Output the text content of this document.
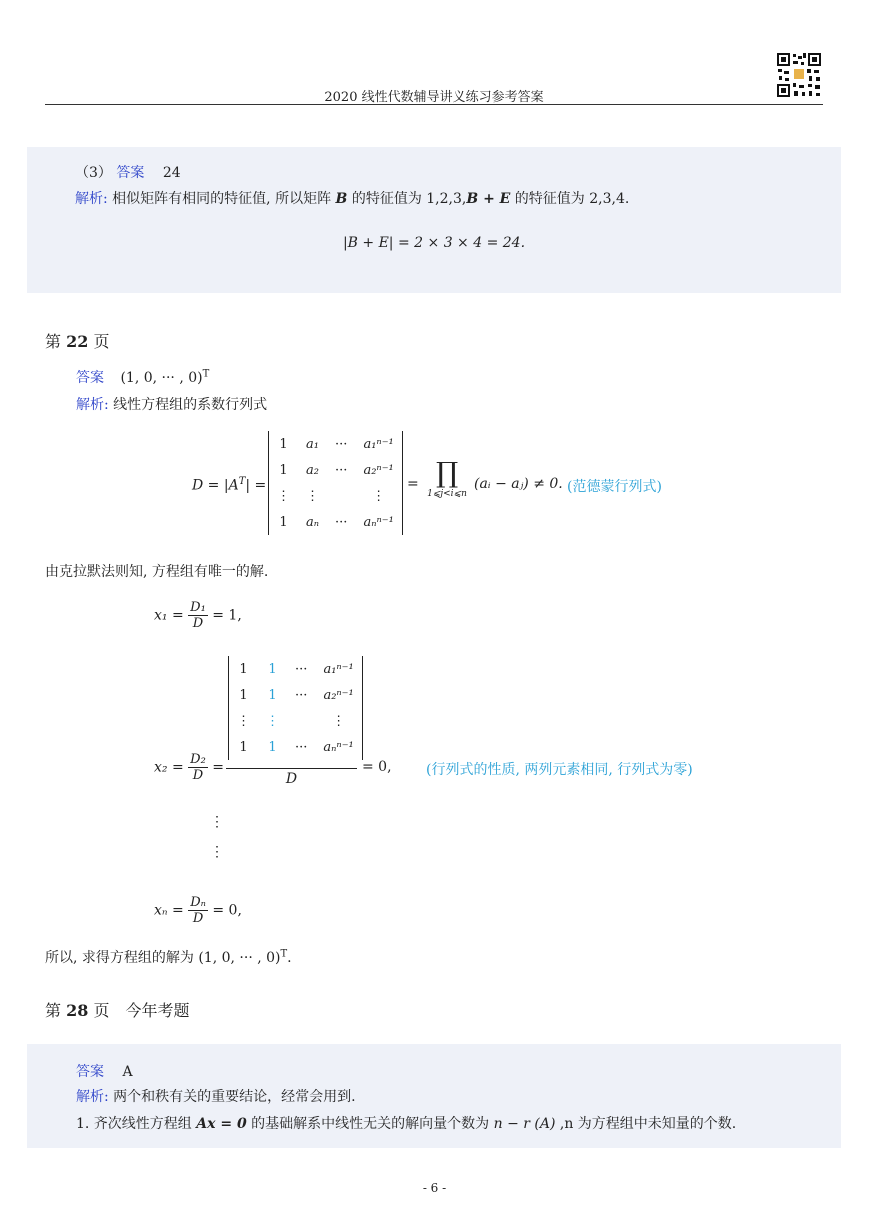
2020 线性代数辅导讲义练习参考答案
（3） 答案 24
解析: 相似矩阵有相同的特征值, 所以矩阵 B 的特征值为 1,2,3,B + E 的特征值为 2,3,4.
|B + E| = 2 × 3 × 4 = 24.
第 22 页
答案 (1, 0, ··· , 0)$^T$
解析: 线性方程组的系数行列式
$D = |A^T|$ =
1	a₁	···	a₁ⁿ⁻¹
1	a₂	···	a₂ⁿ⁻¹
⋮	⋮		⋮
1	aₙ	···	aₙⁿ⁻¹
= ∏
1⩽j<i⩽n
(aᵢ − aⱼ) ≠ 0. (范德蒙行列式)
由克拉默法则知, 方程组有唯一的解.
$x_1 = \frac{\text{D₁}}{D} = 1$,
$x_2 = \frac{\text{D₂}}{D}$ =
1	1	···	a₁ⁿ⁻¹
1	1	···	a₂ⁿ⁻¹
⋮	⋮		⋮
1	1	···	aₙⁿ⁻¹
D
= 0, (行列式的性质, 两列元素相同, 行列式为零)
⋮
⋮
$x_n = \frac{\text{Dₙ}}{D} = 0$,
所以, 求得方程组的解为 (1, 0, ··· , 0)$^T$.
第 28 页　今年考题
答案 A
解析: 两个和秩有关的重要结论，经常会用到.
1. 齐次线性方程组 Ax = 0 的基础解系中线性无关的解向量个数为 n − r (A) ,n 为方程组中未知量的个数.
- 6 -
